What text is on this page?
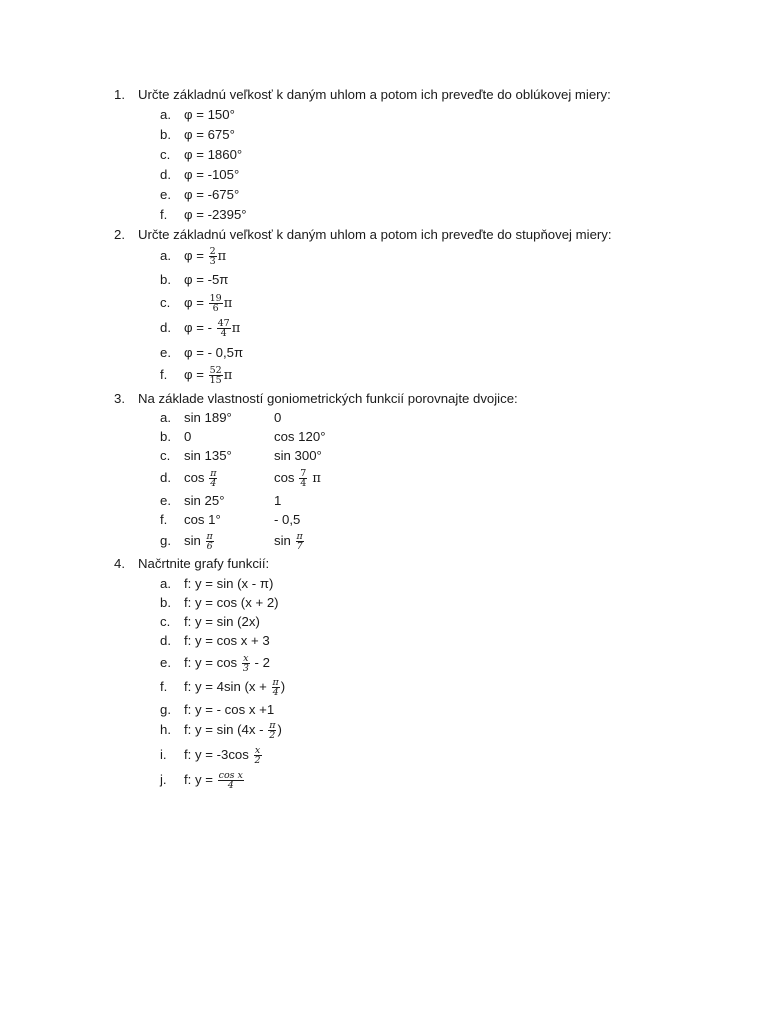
1. Určte základnú veľkosť k daným uhlom a potom ich preveďte do oblúkovej miery:
a. φ = 150°
b. φ = 675°
c. φ = 1860°
d. φ = -105°
e. φ = -675°
f. φ = -2395°
2. Určte základnú veľkosť k daným uhlom a potom ich preveďte do stupňovej miery:
a. $\varphi = \frac{2}{3}$ π
b. φ = -5π
c. $\varphi = \frac{19}{6}$ π
d. φ = - $\frac{47}{4}$ π
e. φ = - 0,5π
f. $\varphi = \frac{52}{15}$ π
3. Na základe vlastností goniometrických funkcií porovnajte dvojice:
a. sin 189°	0
b. 0	cos 120°
c. sin 135°	sin 300°
d. $\cos \frac{\pi}{4}$	$\cos \frac{7}{4}$ π
e. sin 25°	1
f. cos 1°	- 0,5
g. $\sin \frac{\pi}{6}$	$\sin \frac{\pi}{7}$
4. Načrtnite grafy funkcií:
a. f: y = sin (x - π)
b. f: y = cos (x + 2)
c. f: y = sin (2x)
d. f: y = cos x + 3
e. f: $y = \cos \frac{x}{3} - 2$
f. f: y = 4sin ($x + \frac{\pi}{4}$ )
g. f: y = - cos x +1
h. f: $y = \sin (4x - \frac{\pi}{2}$ )
i. f: $y = -3\cos \frac{x}{2}$
j. f: $y = \frac{\text{cos x}}{4}$
